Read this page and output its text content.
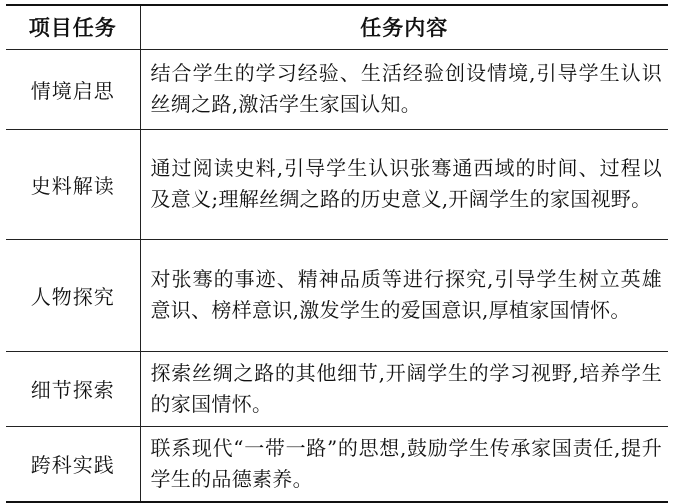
项目任务	任务内容
情境启思	结合学生的学习经验、生活经验创设情境,引导学生认识丝绸之路,激活学生家国认知。
史料解读	通过阅读史料,引导学生认识张骞通西域的时间、过程以及意义;理解丝绸之路的历史意义,开阔学生的家国视野。
人物探究	对张骞的事迹、精神品质等进行探究,引导学生树立英雄意识、榜样意识,激发学生的爱国意识,厚植家国情怀。
细节探索	探索丝绸之路的其他细节,开阔学生的学习视野,培养学生的家国情怀。
跨科实践	联系现代“一带一路”的思想,鼓励学生传承家国责任,提升学生的品德素养。
